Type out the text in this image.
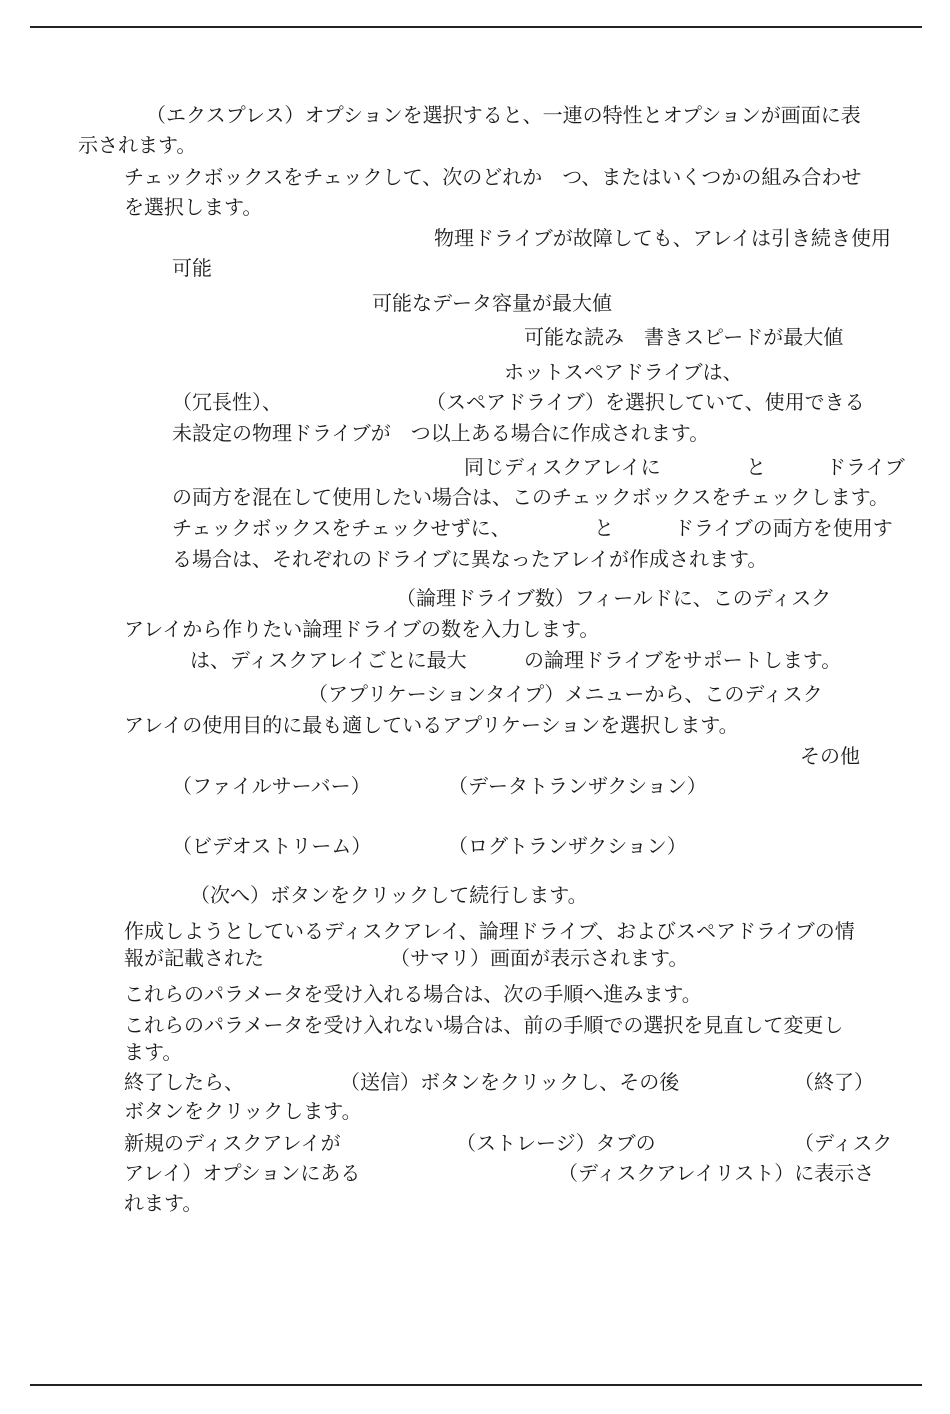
（エクスプレス）オプションを選択すると、一連の特性とオプションが画面に表
示されます。
チェックボックスをチェックして、次のどれか　つ、またはいくつかの組み合わせ
を選択します。
物理ドライブが故障しても、アレイは引き続き使用
可能
可能なデータ容量が最大値
可能な読み　書きスピードが最大値
ホットスペアドライブは、
（冗長性）、	（スペアドライブ）を選択していて、使用できる
未設定の物理ドライブが　つ以上ある場合に作成されます。
同じディスクアレイに	と	ドライブ
の両方を混在して使用したい場合は、このチェックボックスをチェックします。
チェックボックスをチェックせずに、	と	ドライブの両方を使用す
る場合は、それぞれのドライブに異なったアレイが作成されます。
（論理ドライブ数）フィールドに、このディスク
アレイから作りたい論理ドライブの数を入力します。
は、ディスクアレイごとに最大	の論理ドライブをサポートします。
（アプリケーションタイプ）メニューから、このディスク
アレイの使用目的に最も適しているアプリケーションを選択します。
その他
（ファイルサーバー）	（データトランザクション）
（ビデオストリーム）	（ログトランザクション）
（次へ）ボタンをクリックして続行します。
作成しようとしているディスクアレイ、論理ドライブ、およびスペアドライブの情
報が記載された	（サマリ）画面が表示されます。
これらのパラメータを受け入れる場合は、次の手順へ進みます。
これらのパラメータを受け入れない場合は、前の手順での選択を見直して変更し
ます。
終了したら、	（送信）ボタンをクリックし、その後	（終了）
ボタンをクリックします。
新規のディスクアレイが	（ストレージ）タブの	（ディスク
アレイ）オプションにある	（ディスクアレイリスト）に表示さ
れます。
